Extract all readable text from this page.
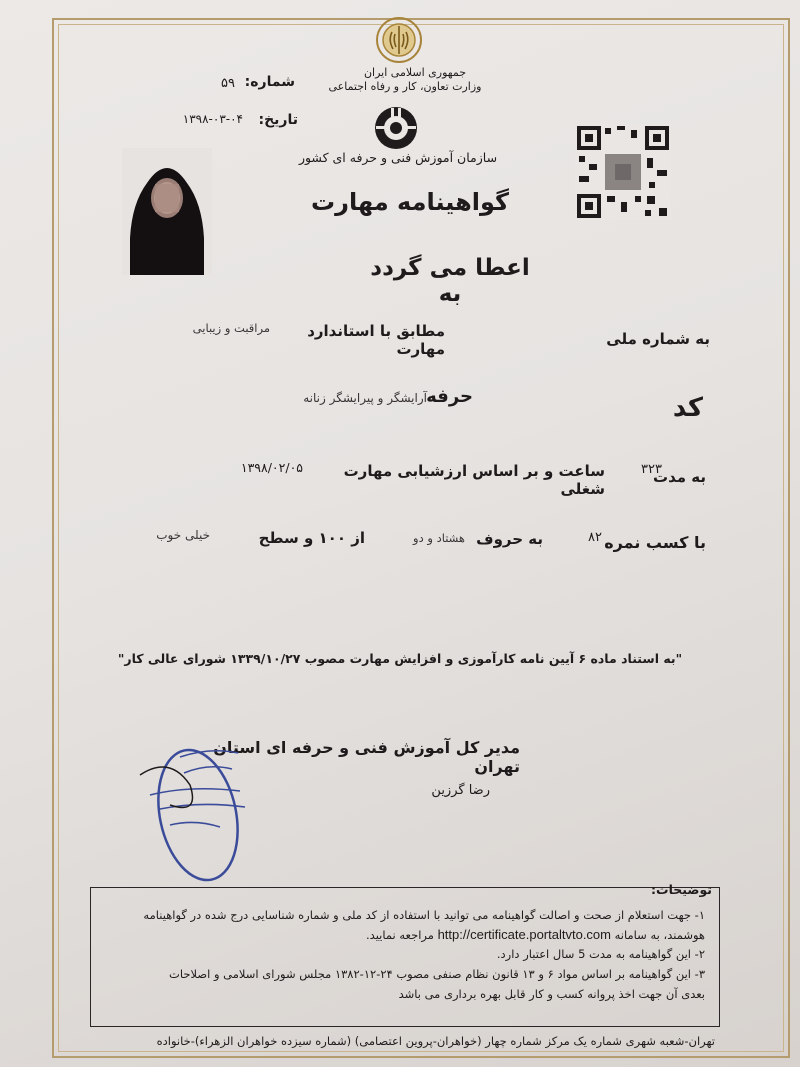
جمهوری اسلامی ایران
وزارت تعاون، کار و رفاه اجتماعی
سازمان آموزش فنی و حرفه ای کشور
گواهینامه مهارت
اعطا می گردد به
شماره:
۵۹
تاریخ:
۱۳۹۸-۰۳-۰۴
به شماره ملی
مطابق با استاندارد مهارت
مراقبت و زیبایی
کد
حرفه
آرایشگر و پیرایشگر زنانه
به مدت
۳۲۳
ساعت و بر اساس ارزشیابی مهارت شغلی
۱۳۹۸/۰۲/۰۵
با کسب نمره
۸۲
به حروف
هشتاد و دو
از ۱۰۰ و سطح
خیلی خوب
"به استناد ماده ۶ آیین نامه کارآموزی و افزایش مهارت مصوب ۱۳۳۹/۱۰/۲۷ شورای عالی کار"
مدیر کل آموزش فنی و حرفه ای استان تهران
رضا گرزین
توضیحات:
۱- جهت استعلام از صحت و اصالت گواهینامه می توانید با استفاده از کد ملی و شماره شناسایی درج شده در گواهینامه
هوشمند، به سامانه http://certificate.portaltvto.com مراجعه نمایید.
۲- این گواهینامه به مدت 5 سال اعتبار دارد.
۳- این گواهینامه بر اساس مواد ۶ و ۱۳ قانون نظام صنفی مصوب ۲۴-۱۲-۱۳۸۲ مجلس شورای اسلامی و اصلاحات
بعدی آن جهت اخذ پروانه کسب و کار قابل بهره برداری می باشد
تهران-شعبه شهری شماره یک مرکز شماره چهار (خواهران-پروین اعتصامی) (شماره سیزده خواهران الزهراء)-خانواده
